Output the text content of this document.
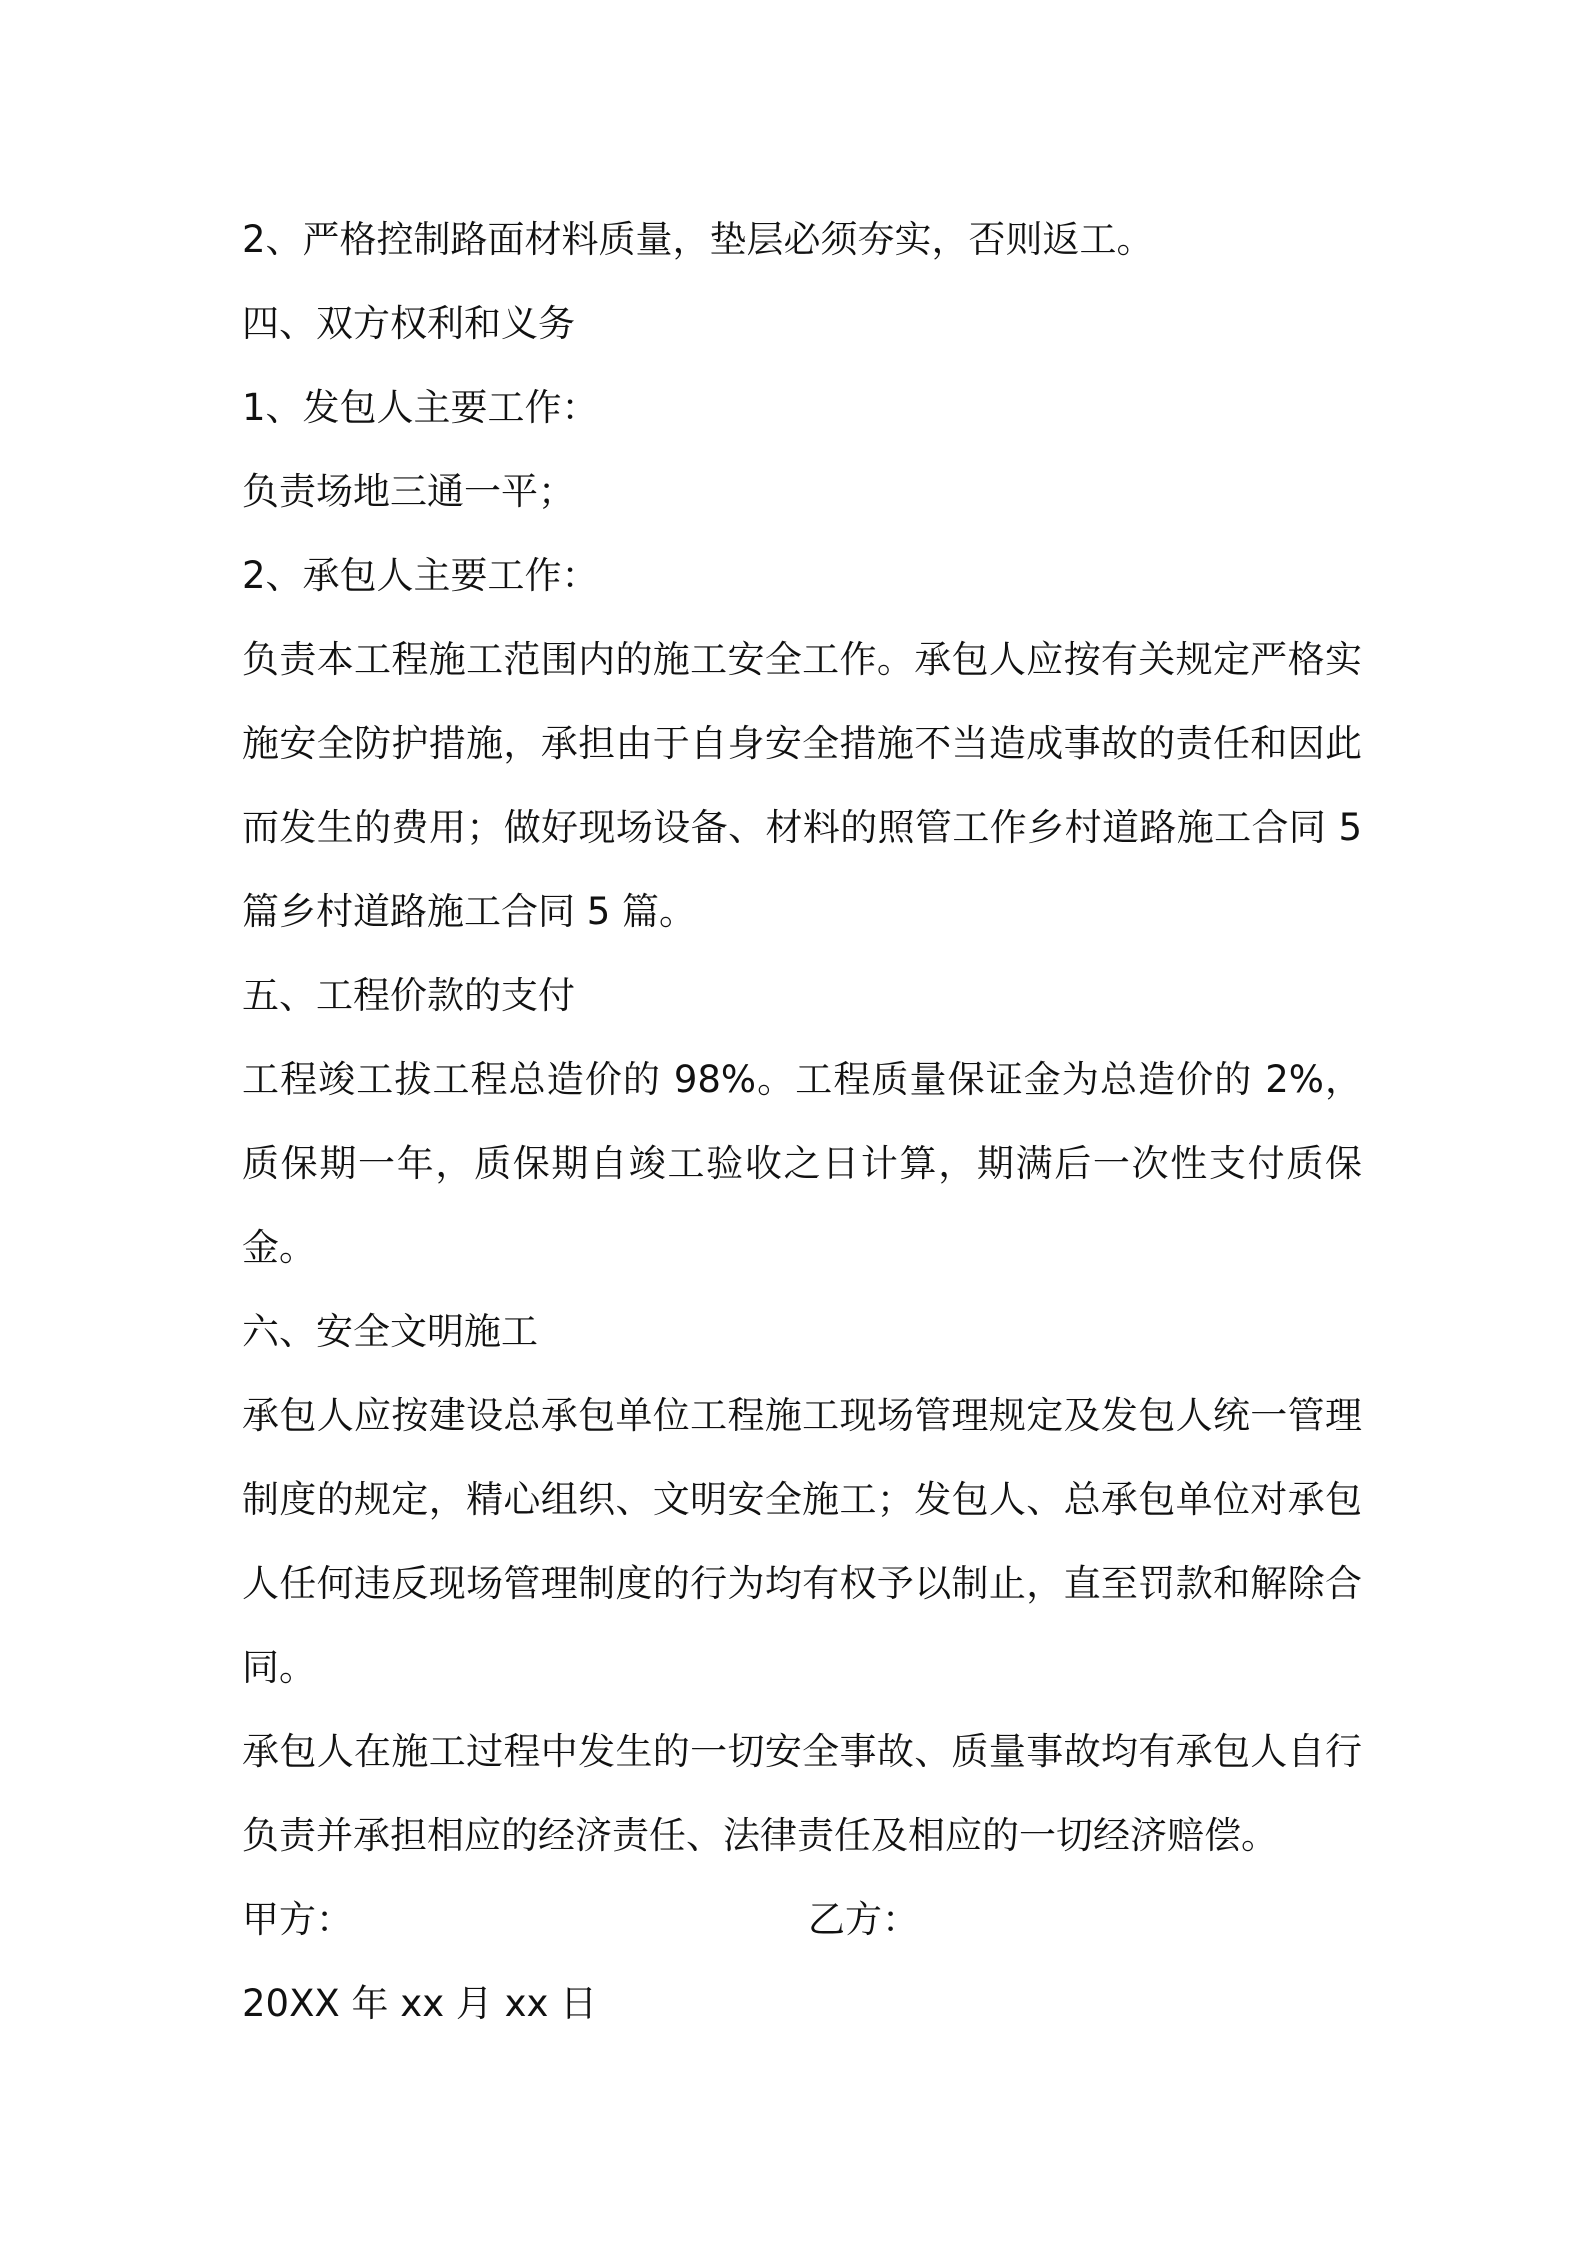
2、严格控制路面材料质量，垫层必须夯实，否则返工。
四、双方权利和义务
1、发包人主要工作：
负责场地三通一平；
2、承包人主要工作：
负责本工程施工范围内的施工安全工作。承包人应按有关规定严格实施安全防护措施，承担由于自身安全措施不当造成事故的责任和因此而发生的费用；做好现场设备、材料的照管工作乡村道路施工合同 5 篇乡村道路施工合同 5 篇。
五、工程价款的支付
工程竣工拔工程总造价的 98%。工程质量保证金为总造价的 2%，质保期一年，质保期自竣工验收之日计算，期满后一次性支付质保金。
六、安全文明施工
承包人应按建设总承包单位工程施工现场管理规定及发包人统一管理制度的规定，精心组织、文明安全施工；发包人、总承包单位对承包人任何违反现场管理制度的行为均有权予以制止，直至罚款和解除合同。
承包人在施工过程中发生的一切安全事故、质量事故均有承包人自行负责并承担相应的经济责任、法律责任及相应的一切经济赔偿。
甲方：	乙方：
20XX 年 xx 月 xx 日
